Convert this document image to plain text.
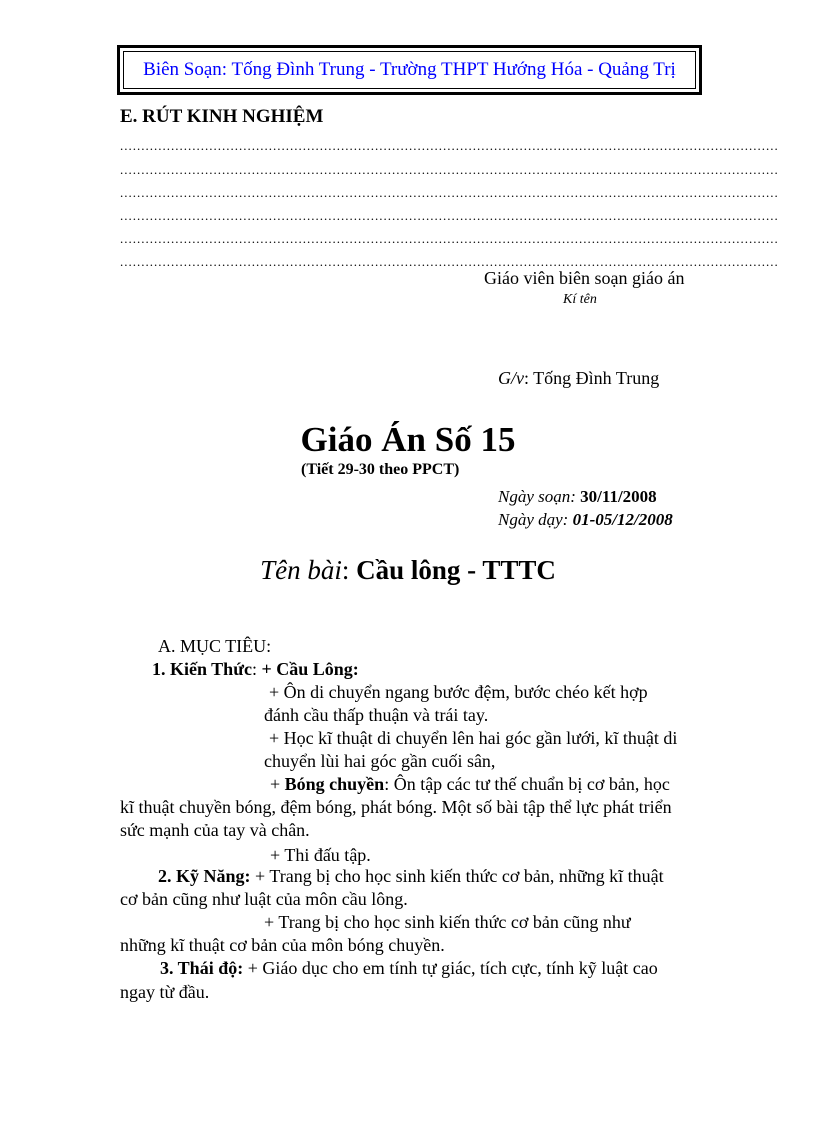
Biên Soạn: Tống Đình Trung - Trường THPT Hướng Hóa - Quảng Trị
E. RÚT KINH NGHIỆM
...........................................................................................................................................................
...........................................................................................................................................................
...........................................................................................................................................................
...........................................................................................................................................................
...........................................................................................................................................................
...........................................................................................................................................................
Giáo viên biên soạn giáo án
Kí tên
G/v: Tống Đình Trung
Giáo Án Số 15
(Tiết 29-30 theo PPCT)
Ngày soạn: 30/11/2008
Ngày dạy: 01-05/12/2008
Tên bài: Cầu lông - TTTC
A. MỤC TIÊU:
1. Kiến Thức: + Cầu Lông:
+ Ôn di chuyển ngang bước đệm, bước chéo kết hợp
đánh cầu thấp thuận và trái tay.
+ Học kĩ thuật di chuyển lên hai góc gần lưới, kĩ thuật di
chuyển lùi hai góc gần cuối sân,
+ Bóng chuyền: Ôn tập các tư thế chuẩn bị cơ bản, học
kĩ thuật chuyền bóng, đệm bóng, phát bóng. Một số bài tập thể lực phát triển
sức mạnh của tay và chân.
+ Thi đấu tập.
2. Kỹ Năng: + Trang bị cho học sinh kiến thức cơ bản, những kĩ thuật
cơ bản cũng như luật của môn cầu lông.
+ Trang bị cho học sinh kiến thức cơ bản cũng như
những kĩ thuật cơ bản của môn bóng chuyền.
3. Thái độ: + Giáo dục cho em tính tự giác, tích cực, tính kỹ luật cao
ngay từ đầu.
